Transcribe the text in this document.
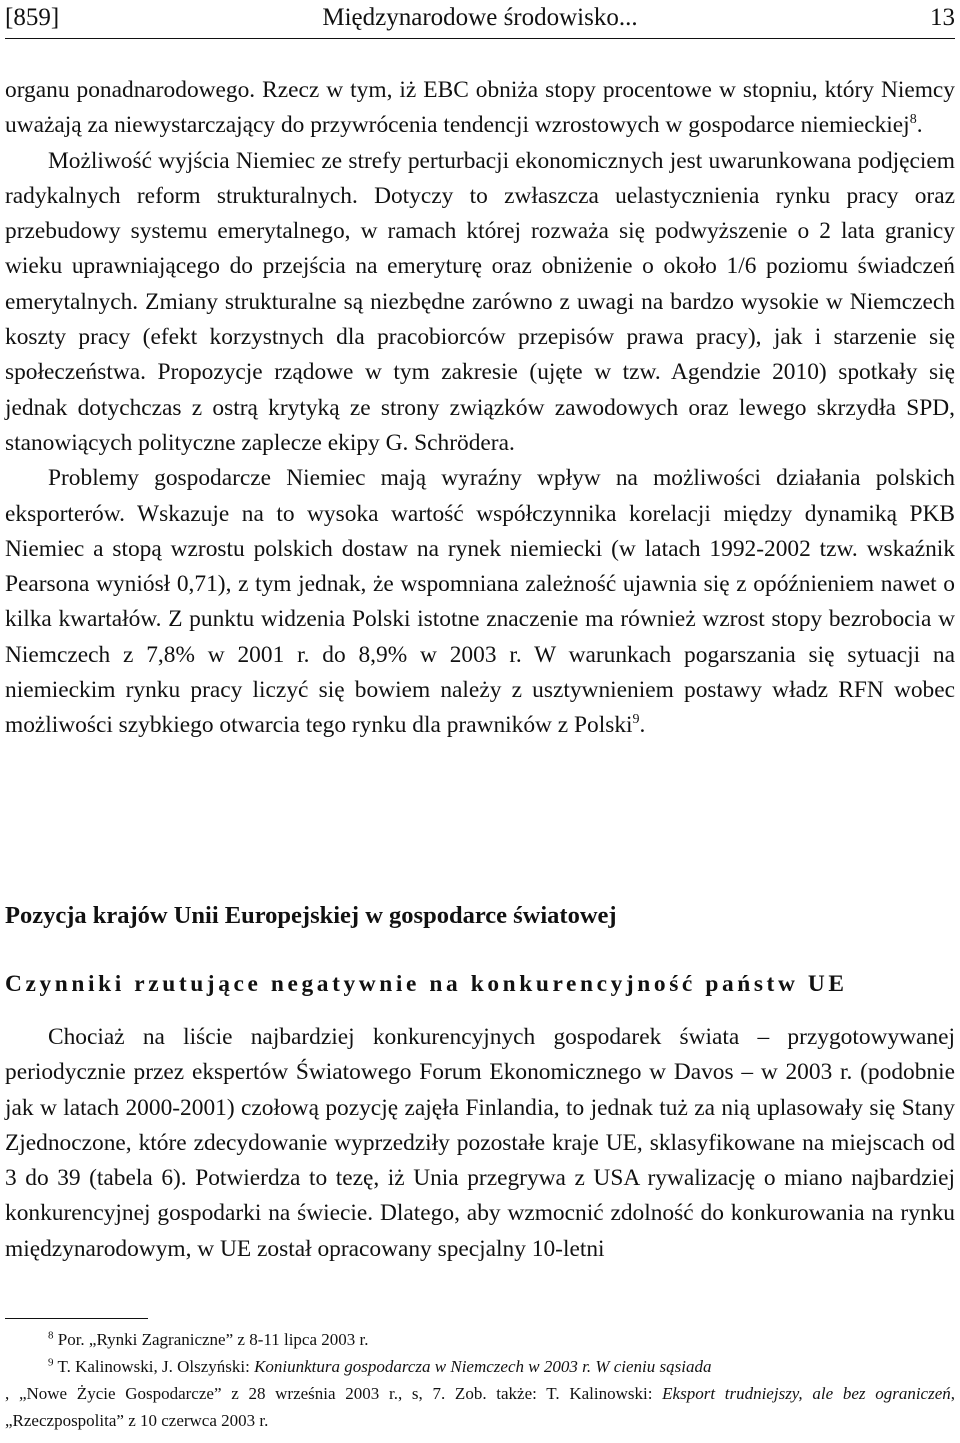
[859]	Międzynarodowe środowisko...	13

organu ponadnarodowego. Rzecz w tym, iż EBC obniża stopy procentowe w stopniu, który Niemcy uważają za niewystarczający do przywrócenia tendencji wzrostowych w gospodarce niemieckiej$^8$.

Możliwość wyjścia Niemiec ze strefy perturbacji ekonomicznych jest uwarunkowana podjęciem radykalnych reform strukturalnych. Dotyczy to zwłaszcza uelastycznienia rynku pracy oraz przebudowy systemu emerytalnego, w ramach której rozważa się podwyższenie o 2 lata granicy wieku uprawniającego do przejścia na emeryturę oraz obniżenie o około 1/6 poziomu świadczeń emerytalnych. Zmiany strukturalne są niezbędne zarówno z uwagi na bardzo wysokie w Niemczech koszty pracy (efekt korzystnych dla pracobiorców przepisów prawa pracy), jak i starzenie się społeczeństwa. Propozycje rządowe w tym zakresie (ujęte w tzw. Agendzie 2010) spotkały się jednak dotychczas z ostrą krytyką ze strony związków zawodowych oraz lewego skrzydła SPD, stanowiących polityczne zaplecze ekipy G. Schrödera.

Problemy gospodarcze Niemiec mają wyraźny wpływ na możliwości działania polskich eksporterów. Wskazuje na to wysoka wartość współczynnika korelacji między dynamiką PKB Niemiec a stopą wzrostu polskich dostaw na rynek niemiecki (w latach 1992-2002 tzw. wskaźnik Pearsona wyniósł 0,71), z tym jednak, że wspomniana zależność ujawnia się z opóźnieniem nawet o kilka kwartałów. Z punktu widzenia Polski istotne znaczenie ma również wzrost stopy bezrobocia w Niemczech z 7,8% w 2001 r. do 8,9% w 2003 r. W warunkach pogarszania się sytuacji na niemieckim rynku pracy liczyć się bowiem należy z usztywnieniem postawy władz RFN wobec możliwości szybkiego otwarcia tego rynku dla prawników z Polski$^9$.

Pozycja krajów Unii Europejskiej w gospodarce światowej
Czynniki rzutujące negatywnie na konkurencyjność państw UE

Chociaż na liście najbardziej konkurencyjnych gospodarek świata – przygotowywanej periodycznie przez ekspertów Światowego Forum Ekonomicznego w Davos – w 2003 r. (podobnie jak w latach 2000-2001) czołową pozycję zajęła Finlandia, to jednak tuż za nią uplasowały się Stany Zjednoczone, które zdecydowanie wyprzedziły pozostałe kraje UE, sklasyfikowane na miejscach od 3 do 39 (tabela 6). Potwierdza to tezę, iż Unia przegrywa z USA rywalizację o miano najbardziej konkurencyjnej gospodarki na świecie. Dlatego, aby wzmocnić zdolność do konkurowania na rynku międzynarodowym, w UE został opracowany specjalny 10-letni

$^8$ Por. „Rynki Zagraniczne” z 8-11 lipca 2003 r.

$^9$ T. Kalinowski, J. Olszyński: Koniunktura gospodarcza w Niemczech w 2003 r. W cieniu sąsiada

, „Nowe Życie Gospodarcze” z 28 września 2003 r., s, 7. Zob. także: T. Kalinowski: Eksport trudniejszy, ale bez ograniczeń, „Rzeczpospolita” z 10 czerwca 2003 r.
